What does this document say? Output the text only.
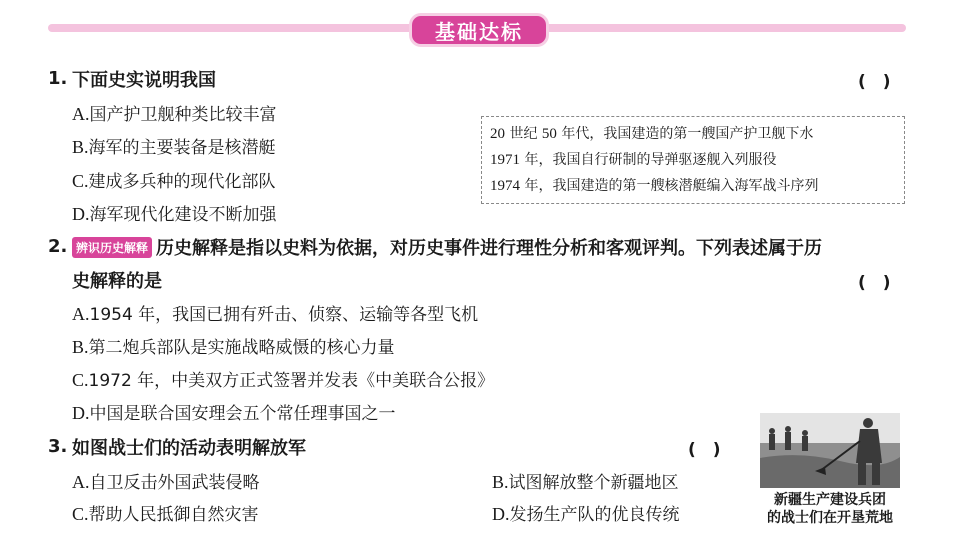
基础达标
1. 下面史实说明我国	(　)
A.国产护卫舰种类比较丰富
B.海军的主要装备是核潜艇
C.建成多兵种的现代化部队
D.海军现代化建设不断加强
20 世纪 50 年代，我国建造的第一艘国产护卫舰下水
1971 年，我国自行研制的导弹驱逐舰入列服役
1974 年，我国建造的第一艘核潜艇编入海军战斗序列
2. 辨识历史解释 历史解释是指以史料为依据，对历史事件进行理性分析和客观评判。下列表述属于历
史解释的是	(　)
A.1954 年，我国已拥有歼击、侦察、运输等各型飞机
B.第二炮兵部队是实施战略威慑的核心力量
C.1972 年，中美双方正式签署并发表《中美联合公报》
D.中国是联合国安理会五个常任理事国之一
3. 如图战士们的活动表明解放军	(　)
A.自卫反击外国武装侵略	B.试图解放整个新疆地区
C.帮助人民抵御自然灾害	D.发扬生产队的优良传统
新疆生产建设兵团
的战士们在开垦荒地
